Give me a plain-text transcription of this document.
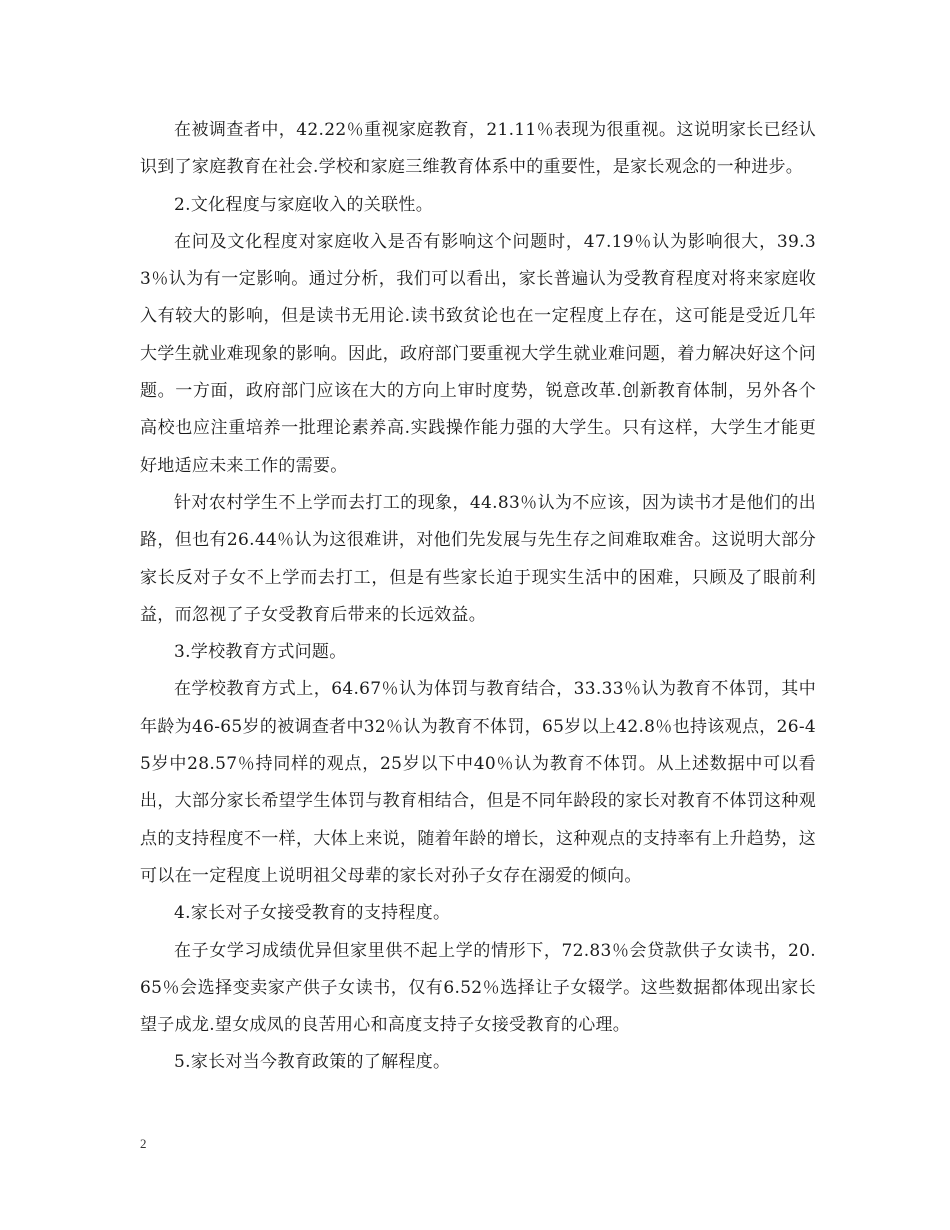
在被调查者中，42.22％重视家庭教育，21.11％表现为很重视。这说明家长已经认识到了家庭教育在社会.学校和家庭三维教育体系中的重要性，是家长观念的一种进步。

2.文化程度与家庭收入的关联性。

在问及文化程度对家庭收入是否有影响这个问题时，47.19％认为影响很大，39.33％认为有一定影响。通过分析，我们可以看出，家长普遍认为受教育程度对将来家庭收入有较大的影响，但是读书无用论.读书致贫论也在一定程度上存在，这可能是受近几年大学生就业难现象的影响。因此，政府部门要重视大学生就业难问题，着力解决好这个问题。一方面，政府部门应该在大的方向上审时度势，锐意改革.创新教育体制，另外各个高校也应注重培养一批理论素养高.实践操作能力强的大学生。只有这样，大学生才能更好地适应未来工作的需要。

针对农村学生不上学而去打工的现象，44.83％认为不应该，因为读书才是他们的出路，但也有26.44％认为这很难讲，对他们先发展与先生存之间难取难舍。这说明大部分家长反对子女不上学而去打工，但是有些家长迫于现实生活中的困难，只顾及了眼前利益，而忽视了子女受教育后带来的长远效益。

3.学校教育方式问题。

在学校教育方式上，64.67％认为体罚与教育结合，33.33％认为教育不体罚，其中年龄为46-65岁的被调查者中32％认为教育不体罚，65岁以上42.8％也持该观点，26-45岁中28.57％持同样的观点，25岁以下中40％认为教育不体罚。从上述数据中可以看出，大部分家长希望学生体罚与教育相结合，但是不同年龄段的家长对教育不体罚这种观点的支持程度不一样，大体上来说，随着年龄的增长，这种观点的支持率有上升趋势，这可以在一定程度上说明祖父母辈的家长对孙子女存在溺爱的倾向。

4.家长对子女接受教育的支持程度。

在子女学习成绩优异但家里供不起上学的情形下，72.83％会贷款供子女读书，20.65％会选择变卖家产供子女读书，仅有6.52％选择让子女辍学。这些数据都体现出家长望子成龙.望女成凤的良苦用心和高度支持子女接受教育的心理。

5.家长对当今教育政策的了解程度。

2
